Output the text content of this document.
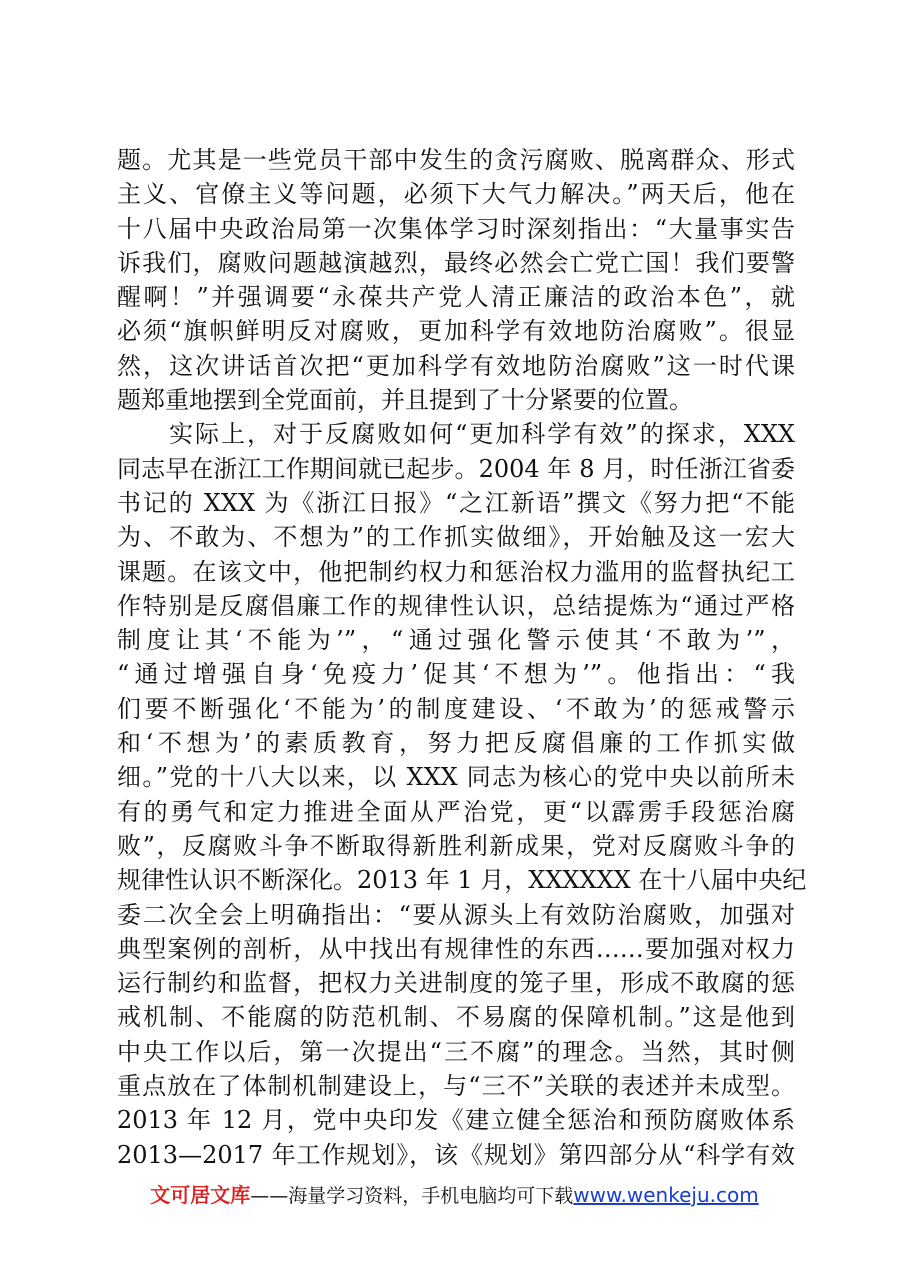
题。尤其是一些党员干部中发生的贪污腐败、脱离群众、形式
主义、官僚主义等问题，必须下大气力解决。”两天后，他在
十八届中央政治局第一次集体学习时深刻指出：“大量事实告
诉我们，腐败问题越演越烈，最终必然会亡党亡国！我们要警
醒啊！”并强调要“永葆共产党人清正廉洁的政治本色”，就
必须“旗帜鲜明反对腐败，更加科学有效地防治腐败”。很显
然，这次讲话首次把“更加科学有效地防治腐败”这一时代课
题郑重地摆到全党面前，并且提到了十分紧要的位置。
　　实际上，对于反腐败如何“更加科学有效”的探求，XXX
同志早在浙江工作期间就已起步。2004 年 8 月，时任浙江省委
书记的 XXX 为《浙江日报》“之江新语”撰文《努力把“不能
为、不敢为、不想为”的工作抓实做细》，开始触及这一宏大
课题。在该文中，他把制约权力和惩治权力滥用的监督执纪工
作特别是反腐倡廉工作的规律性认识，总结提炼为“通过严格
制度让其‘不能为’”，“通过强化警示使其‘不敢为’”，
“通过增强自身‘免疫力’促其‘不想为’”。他指出：“我
们要不断强化‘不能为’的制度建设、‘不敢为’的惩戒警示
和‘不想为’的素质教育，努力把反腐倡廉的工作抓实做
细。”党的十八大以来，以 XXX 同志为核心的党中央以前所未
有的勇气和定力推进全面从严治党，更“以霹雳手段惩治腐
败”，反腐败斗争不断取得新胜利新成果，党对反腐败斗争的
规律性认识不断深化。2013 年 1 月，XXXXXX 在十八届中央纪
委二次全会上明确指出：“要从源头上有效防治腐败，加强对
典型案例的剖析，从中找出有规律性的东西……要加强对权力
运行制约和监督，把权力关进制度的笼子里，形成不敢腐的惩
戒机制、不能腐的防范机制、不易腐的保障机制。”这是他到
中央工作以后，第一次提出“三不腐”的理念。当然，其时侧
重点放在了体制机制建设上，与“三不”关联的表述并未成型。
2013 年 12 月，党中央印发《建立健全惩治和预防腐败体系
2013—2017 年工作规划》，该《规划》第四部分从“科学有效
文可居文库——海量学习资料，手机电脑均可下载www.wenkeju.com
